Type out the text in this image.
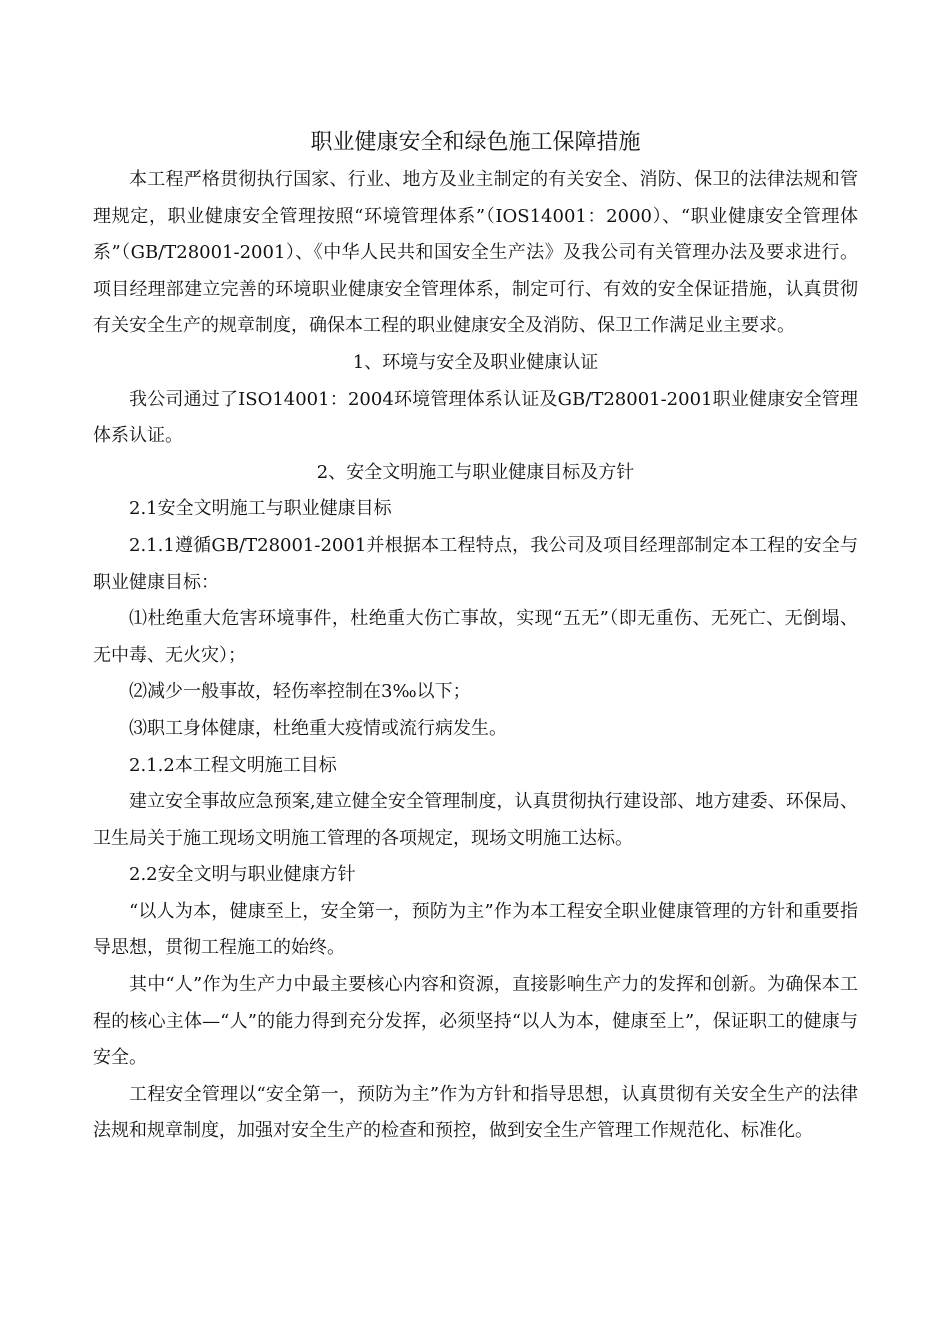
职业健康安全和绿色施工保障措施

本工程严格贯彻执行国家、行业、地方及业主制定的有关安全、消防、保卫的法律法规和管理规定，职业健康安全管理按照“环境管理体系”（IOS14001：2000）、“职业健康安全管理体系”（GB/T28001-2001）、《中华人民共和国安全生产法》及我公司有关管理办法及要求进行。项目经理部建立完善的环境职业健康安全管理体系，制定可行、有效的安全保证措施，认真贯彻有关安全生产的规章制度，确保本工程的职业健康安全及消防、保卫工作满足业主要求。

1、环境与安全及职业健康认证

我公司通过了ISO14001：2004环境管理体系认证及GB/T28001-2001职业健康安全管理体系认证。

2、安全文明施工与职业健康目标及方针

2.1安全文明施工与职业健康目标

2.1.1遵循GB/T28001-2001并根据本工程特点，我公司及项目经理部制定本工程的安全与职业健康目标：

⑴杜绝重大危害环境事件，杜绝重大伤亡事故，实现“五无”（即无重伤、无死亡、无倒塌、无中毒、无火灾）；

⑵减少一般事故，轻伤率控制在3‰以下；

⑶职工身体健康，杜绝重大疫情或流行病发生。

2.1.2本工程文明施工目标

建立安全事故应急预案,建立健全安全管理制度，认真贯彻执行建设部、地方建委、环保局、卫生局关于施工现场文明施工管理的各项规定，现场文明施工达标。

2.2安全文明与职业健康方针

“以人为本，健康至上，安全第一，预防为主”作为本工程安全职业健康管理的方针和重要指导思想，贯彻工程施工的始终。

其中“人”作为生产力中最主要核心内容和资源，直接影响生产力的发挥和创新。为确保本工程的核心主体—“人”的能力得到充分发挥，必须坚持“以人为本，健康至上”，保证职工的健康与安全。

工程安全管理以“安全第一，预防为主”作为方针和指导思想，认真贯彻有关安全生产的法律法规和规章制度，加强对安全生产的检查和预控，做到安全生产管理工作规范化、标准化。
